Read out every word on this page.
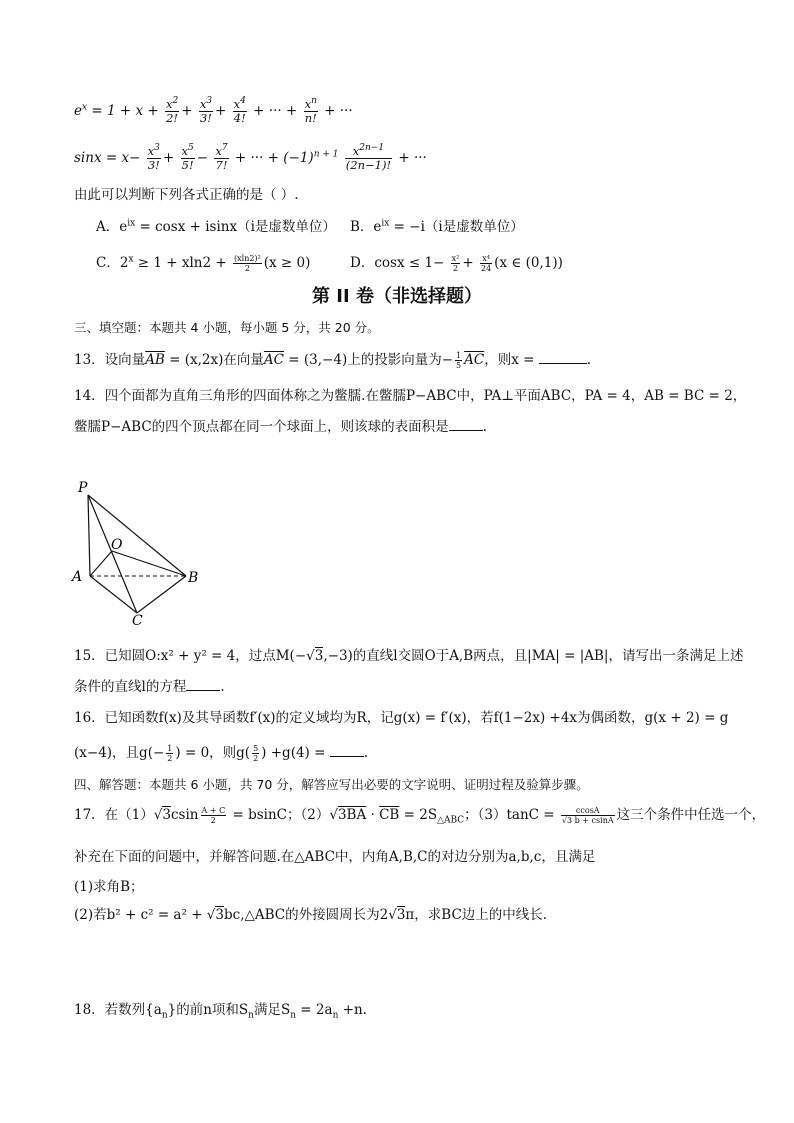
$e^x = 1 + x + \frac{x^2}{2!} + \frac{x^3}{3!} + \frac{x^4}{4!}$ + ··· + $\frac{x^n}{n!}$ + ···
$\sin x = x- \frac{x^3}{3!} + \frac{x^5}{5!} - \frac{x^7}{7!}$ + ··· + $(-1)^{n + 1} \frac{x^{2n-1}}{(2n-1)!}$ + ···
由此可以判断下列各式正确的是（ ）.
A．$e^{ix} = \cos x + isinx(i$是虚数单位） B．$e^{ix} = -i(i$是虚数单位）
C．$2^x \ge 1 + xln2 + \frac{\text{(xln2)²}}{2} (x \ge 0)$	D．$\cos x \le 1- \frac{\text{x²}}{2} + \frac{\text{x⁴}}{24} (x$ ∈ (0,1))
第 II 卷（非选择题）
三、填空题：本题共 4 小题，每小题 5 分，共 20 分。
13．设向量$\overline{AB} = (x,2x)$在向量$\overline{AC} = (3,-4)$上的投影向量为− $\frac{1}{5} \overline{AC}$，则x =	.
14．四个面都为直角三角形的四面体称之为鳖臑.在鳖臑P−ABC中，PA⊥平面ABC，PA = 4，AB = BC = 2，
鳖臑P−ABC的四个顶点都在同一个球面上，则该球的表面积是	.
P
O
A	B
C
15．已知圆O:x² + y² = 4，过点M(−√3,−3)的直线l交圆O于A,B两点，且|MA| = |AB|，请写出一条满足上述
条件的直线l的方程	.
16．已知函数f(x)及其导函数f′(x)的定义域均为R，记g(x) = f′(x)，若f(1−2x) +4x为偶函数，g(x + 2) = g
(x−4)，且$g(- \frac{1}{2}$ ) = 0，则$g( \frac{5}{2}$ ) +g(4) =	.
四、解答题：本题共 6 小题，共 70 分，解答应写出必要的文字说明、证明过程及验算步骤。
17．在$(1)√3csin \frac{A + C}{2} = bsinC$；$(2)√3\overline{BA} \cdot \overline{CB} = 2S_{\triangle ABC}$；$(3)\tan C = \frac{ccosA}{√3 b + csinA}$ 这三个条件中任选一个，
补充在下面的问题中，并解答问题.在△ABC中，内角A,B,C的对边分别为a,b,c，且满足
(1)求角B；
(2)若b² + c² = a² + √3bc,△ABC的外接圆周长为2√3π，求BC边上的中线长.
18．若数列$\{a_n\}$的前n项和$S_n$满足$S_n = 2a_n +n$.
